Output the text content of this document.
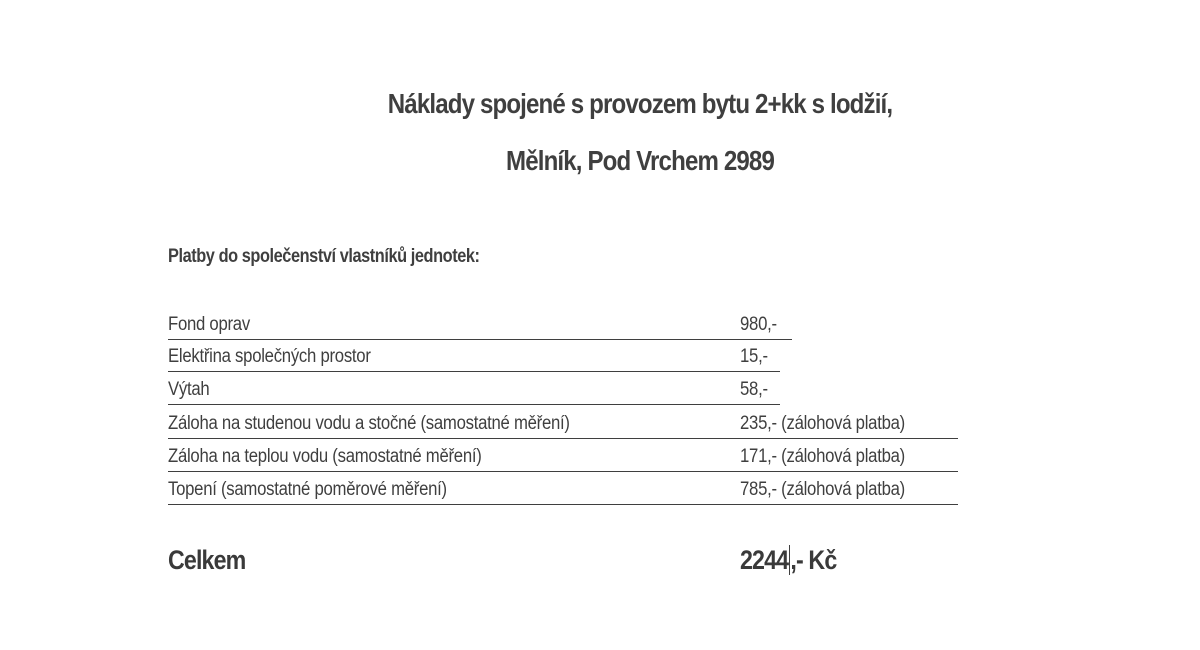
Náklady spojené s provozem bytu 2+kk s lodžií,
Mělník, Pod Vrchem 2989
Platby do společenství vlastníků jednotek:
Fond oprav	980,-
Elektřina společných prostor	15,-
Výtah	58,-
Záloha na studenou vodu a stočné (samostatné měření)	235,- (zálohová platba)
Záloha na teplou vodu (samostatné měření)	171,- (zálohová platba)
Topení (samostatné poměrové měření)	785,- (zálohová platba)
Celkem	2244,- Kč
